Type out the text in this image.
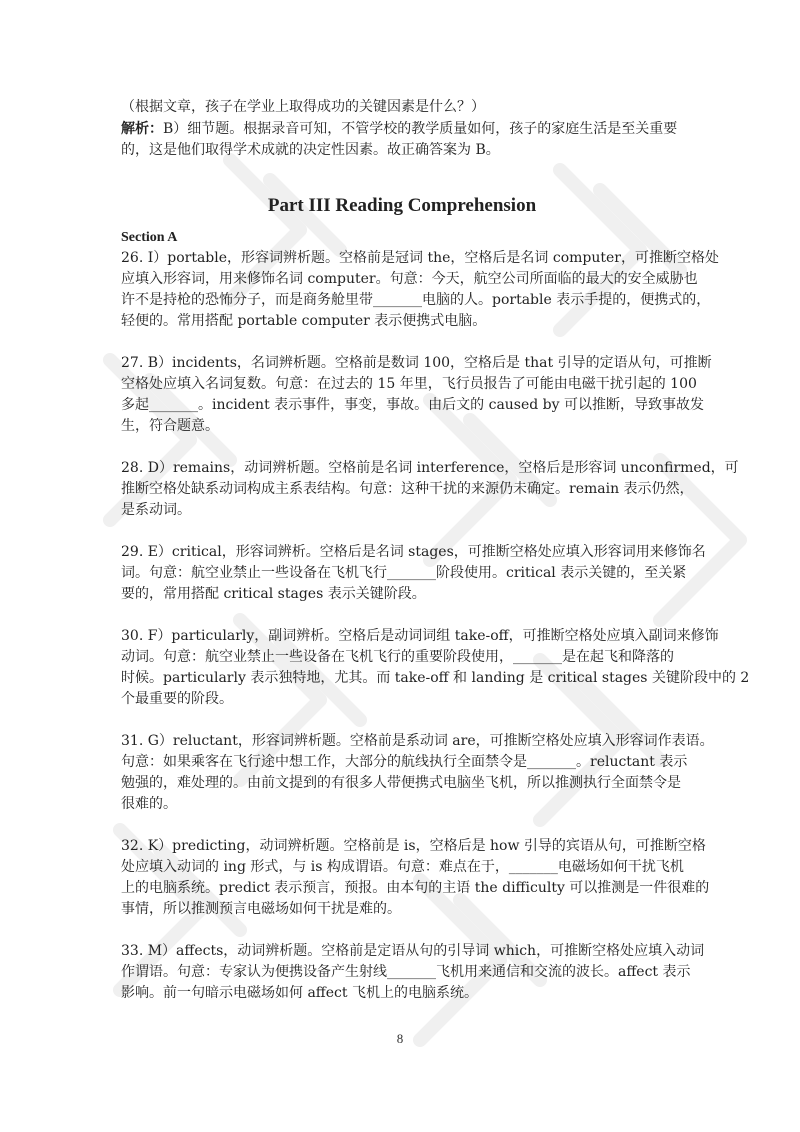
（根据文章，孩子在学业上取得成功的关键因素是什么？）
解析：B）细节题。根据录音可知，不管学校的教学质量如何，孩子的家庭生活是至关重要
的，这是他们取得学术成就的决定性因素。故正确答案为 B。
Part III Reading Comprehension
Section A
26. I）portable，形容词辨析题。空格前是冠词 the，空格后是名词 computer，可推断空格处
应填入形容词，用来修饰名词 computer。句意：今天，航空公司所面临的最大的安全威胁也
许不是持枪的恐怖分子，而是商务舱里带_______电脑的人。portable 表示手提的，便携式的，
轻便的。常用搭配 portable computer 表示便携式电脑。
27. B）incidents，名词辨析题。空格前是数词 100，空格后是 that 引导的定语从句，可推断
空格处应填入名词复数。句意：在过去的 15 年里，飞行员报告了可能由电磁干扰引起的 100
多起_______。incident 表示事件，事变，事故。由后文的 caused by 可以推断，导致事故发
生，符合题意。
28. D）remains，动词辨析题。空格前是名词 interference，空格后是形容词 unconfirmed，可
推断空格处缺系动词构成主系表结构。句意：这种干扰的来源仍未确定。remain 表示仍然，
是系动词。
29. E）critical，形容词辨析。空格后是名词 stages，可推断空格处应填入形容词用来修饰名
词。句意：航空业禁止一些设备在飞机飞行_______阶段使用。critical 表示关键的，至关紧
要的，常用搭配 critical stages 表示关键阶段。
30. F）particularly，副词辨析。空格后是动词词组 take-off，可推断空格处应填入副词来修饰
动词。句意：航空业禁止一些设备在飞机飞行的重要阶段使用，_______是在起飞和降落的
时候。particularly 表示独特地，尤其。而 take-off 和 landing 是 critical stages 关键阶段中的 2
个最重要的阶段。
31. G）reluctant，形容词辨析题。空格前是系动词 are，可推断空格处应填入形容词作表语。
句意：如果乘客在飞行途中想工作，大部分的航线执行全面禁令是_______。reluctant 表示
勉强的，难处理的。由前文提到的有很多人带便携式电脑坐飞机，所以推测执行全面禁令是
很难的。
32. K）predicting，动词辨析题。空格前是 is，空格后是 how 引导的宾语从句，可推断空格
处应填入动词的 ing 形式，与 is 构成谓语。句意：难点在于，_______电磁场如何干扰飞机
上的电脑系统。predict 表示预言，预报。由本句的主语 the difficulty 可以推测是一件很难的
事情，所以推测预言电磁场如何干扰是难的。
33. M）affects，动词辨析题。空格前是定语从句的引导词 which，可推断空格处应填入动词
作谓语。句意：专家认为便携设备产生射线_______飞机用来通信和交流的波长。affect 表示
影响。前一句暗示电磁场如何 affect 飞机上的电脑系统。
8
